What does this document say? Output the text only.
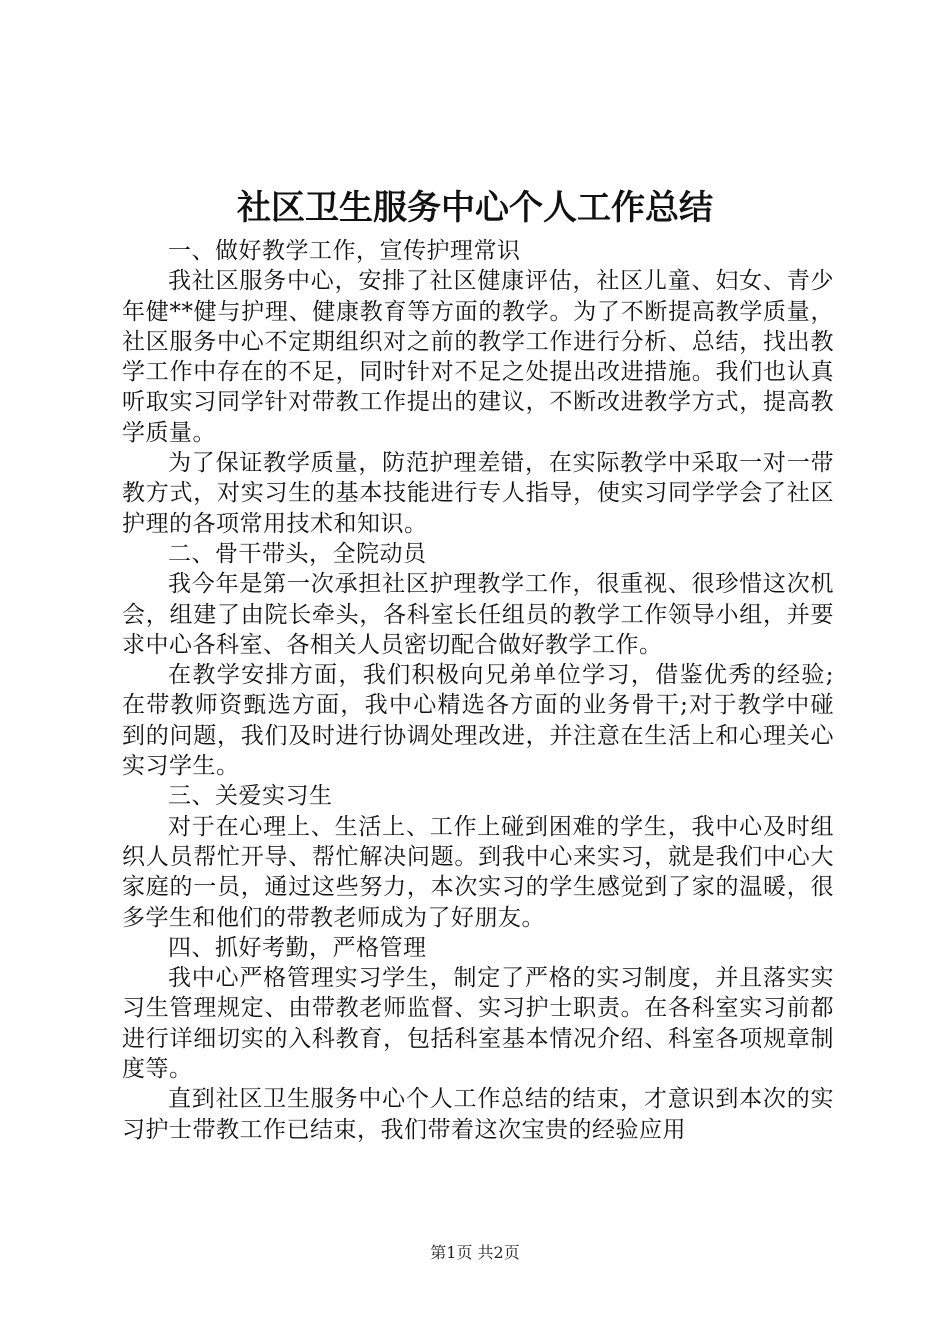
社区卫生服务中心个人工作总结

一、做好教学工作，宣传护理常识

我社区服务中心，安排了社区健康评估，社区儿童、妇女、青少年健**健与护理、健康教育等方面的教学。为了不断提高教学质量，社区服务中心不定期组织对之前的教学工作进行分析、总结，找出教学工作中存在的不足，同时针对不足之处提出改进措施。我们也认真听取实习同学针对带教工作提出的建议，不断改进教学方式，提高教学质量。

为了保证教学质量，防范护理差错，在实际教学中采取一对一带教方式，对实习生的基本技能进行专人指导，使实习同学学会了社区护理的各项常用技术和知识。

二、骨干带头，全院动员

我今年是第一次承担社区护理教学工作，很重视、很珍惜这次机会，组建了由院长牵头，各科室长任组员的教学工作领导小组，并要求中心各科室、各相关人员密切配合做好教学工作。

在教学安排方面，我们积极向兄弟单位学习，借鉴优秀的经验;在带教师资甄选方面，我中心精选各方面的业务骨干;对于教学中碰到的问题，我们及时进行协调处理改进，并注意在生活上和心理关心实习学生。

三、关爱实习生

对于在心理上、生活上、工作上碰到困难的学生，我中心及时组织人员帮忙开导、帮忙解决问题。到我中心来实习，就是我们中心大家庭的一员，通过这些努力，本次实习的学生感觉到了家的温暖，很多学生和他们的带教老师成为了好朋友。

四、抓好考勤，严格管理

我中心严格管理实习学生，制定了严格的实习制度，并且落实实习生管理规定、由带教老师监督、实习护士职责。在各科室实习前都进行详细切实的入科教育，包括科室基本情况介绍、科室各项规章制度等。

直到社区卫生服务中心个人工作总结的结束，才意识到本次的实习护士带教工作已结束，我们带着这次宝贵的经验应用

第1页 共2页
